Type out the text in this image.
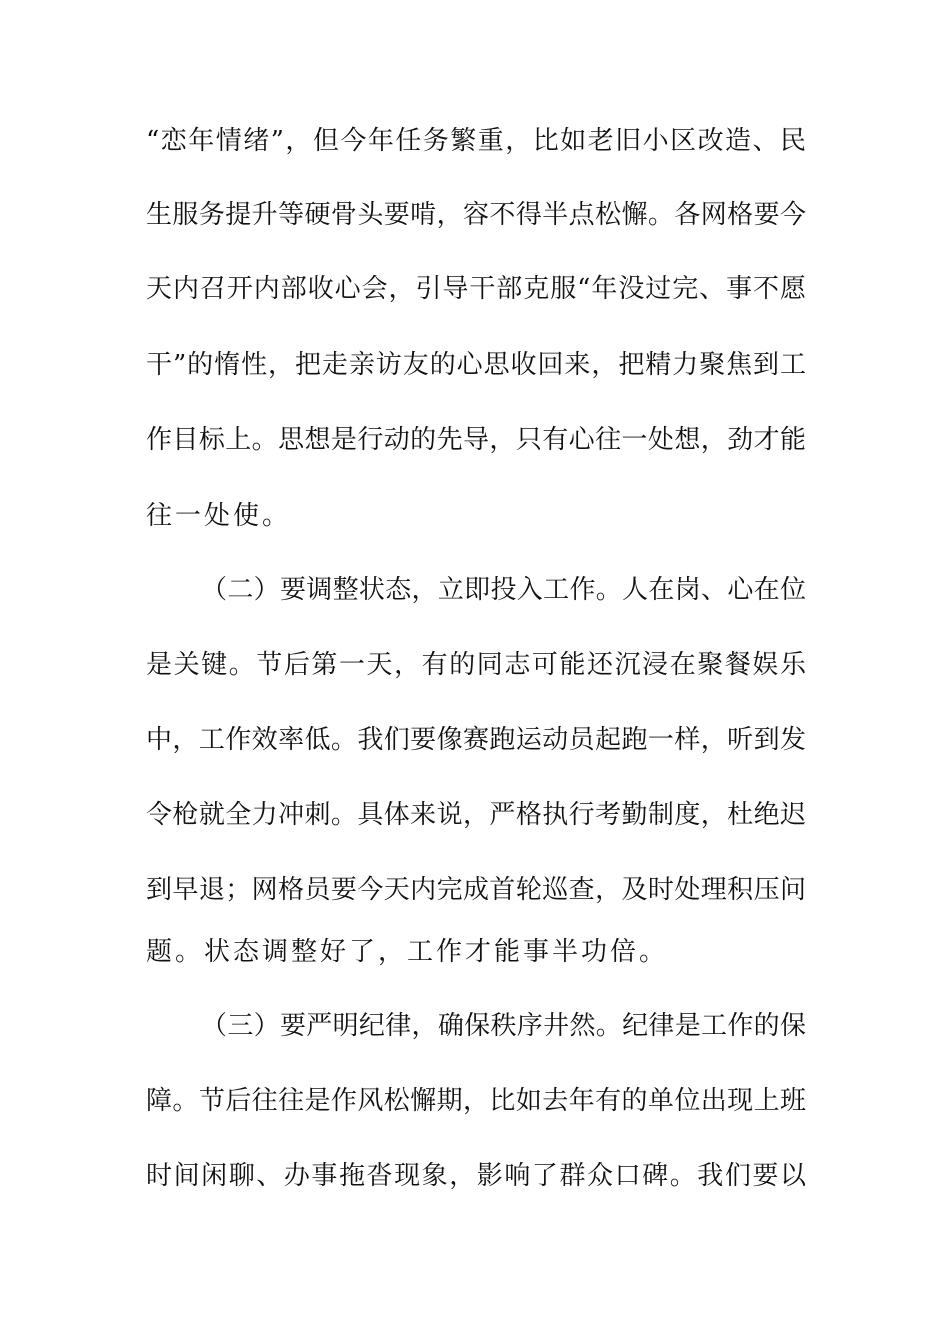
“恋年情绪”，但今年任务繁重，比如老旧小区改造、民
生服务提升等硬骨头要啃，容不得半点松懈。各网格要今
天内召开内部收心会，引导干部克服“年没过完、事不愿
干”的惰性，把走亲访友的心思收回来，把精力聚焦到工
作目标上。思想是行动的先导，只有心往一处想，劲才能
往一处使。
（二）要调整状态，立即投入工作。人在岗、心在位
是关键。节后第一天，有的同志可能还沉浸在聚餐娱乐
中，工作效率低。我们要像赛跑运动员起跑一样，听到发
令枪就全力冲刺。具体来说，严格执行考勤制度，杜绝迟
到早退；网格员要今天内完成首轮巡查，及时处理积压问
题。状态调整好了，工作才能事半功倍。
（三）要严明纪律，确保秩序井然。纪律是工作的保
障。节后往往是作风松懈期，比如去年有的单位出现上班
时间闲聊、办事拖沓现象，影响了群众口碑。我们要以
